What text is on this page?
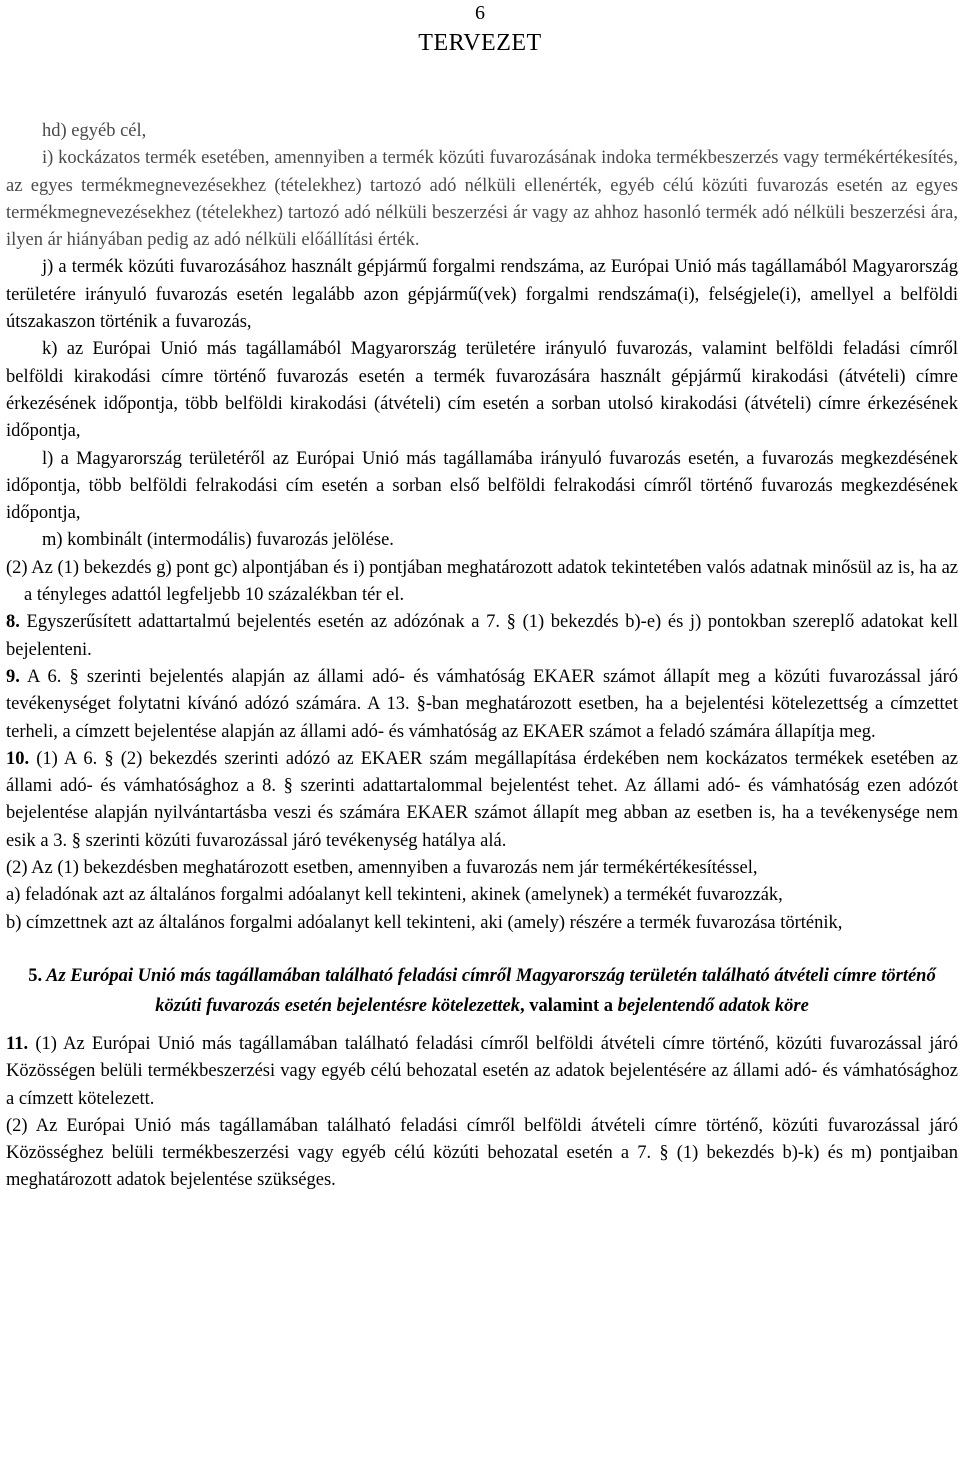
6
TERVEZET

hd) egyéb cél,

i) kockázatos termék esetében, amennyiben a termék közúti fuvarozásának indoka termékbeszerzés vagy termékértékesítés, az egyes termékmegnevezésekhez (tételekhez) tartozó adó nélküli ellenérték, egyéb célú közúti fuvarozás esetén az egyes termékmegnevezésekhez (tételekhez) tartozó adó nélküli beszerzési ár vagy az ahhoz hasonló termék adó nélküli beszerzési ára, ilyen ár hiányában pedig az adó nélküli előállítási érték.

j) a termék közúti fuvarozásához használt gépjármű forgalmi rendszáma, az Európai Unió más tagállamából Magyarország területére irányuló fuvarozás esetén legalább azon gépjármű(vek) forgalmi rendszáma(i), felségjele(i), amellyel a belföldi útszakaszon történik a fuvarozás,

k) az Európai Unió más tagállamából Magyarország területére irányuló fuvarozás, valamint belföldi feladási címről belföldi kirakodási címre történő fuvarozás esetén a termék fuvarozására használt gépjármű kirakodási (átvételi) címre érkezésének időpontja, több belföldi kirakodási (átvételi) cím esetén a sorban utolsó kirakodási (átvételi) címre érkezésének időpontja,

l) a Magyarország területéről az Európai Unió más tagállamába irányuló fuvarozás esetén, a fuvarozás megkezdésének időpontja, több belföldi felrakodási cím esetén a sorban első belföldi felrakodási címről történő fuvarozás megkezdésének időpontja,

m) kombinált (intermodális) fuvarozás jelölése.

(2) Az (1) bekezdés g) pont gc) alpontjában és i) pontjában meghatározott adatok tekintetében valós adatnak minősül az is, ha az a tényleges adattól legfeljebb 10 százalékban tér el.

8. Egyszerűsített adattartalmú bejelentés esetén az adózónak a 7. § (1) bekezdés b)-e) és j) pontokban szereplő adatokat kell bejelenteni.

9. A 6. § szerinti bejelentés alapján az állami adó- és vámhatóság EKAER számot állapít meg a közúti fuvarozással járó tevékenységet folytatni kívánó adózó számára. A 13. §-ban meghatározott esetben, ha a bejelentési kötelezettség a címzettet terheli, a címzett bejelentése alapján az állami adó- és vámhatóság az EKAER számot a feladó számára állapítja meg.

10. (1) A 6. § (2) bekezdés szerinti adózó az EKAER szám megállapítása érdekében nem kockázatos termékek esetében az állami adó- és vámhatósághoz a 8. § szerinti adattartalommal bejelentést tehet. Az állami adó- és vámhatóság ezen adózót bejelentése alapján nyilvántartásba veszi és számára EKAER számot állapít meg abban az esetben is, ha a tevékenysége nem esik a 3. § szerinti közúti fuvarozással járó tevékenység hatálya alá.

(2) Az (1) bekezdésben meghatározott esetben, amennyiben a fuvarozás nem jár termékértékesítéssel,

a) feladónak azt az általános forgalmi adóalanyt kell tekinteni, akinek (amelynek) a termékét fuvarozzák,

b) címzettnek azt az általános forgalmi adóalanyt kell tekinteni, aki (amely) részére a termék fuvarozása történik,

5. Az Európai Unió más tagállamában található feladási címről Magyarország területén található átvételi címre történő közúti fuvarozás esetén bejelentésre kötelezettek, valamint a bejelentendő adatok köre

11. (1) Az Európai Unió más tagállamában található feladási címről belföldi átvételi címre történő, közúti fuvarozással járó Közösségen belüli termékbeszerzési vagy egyéb célú behozatal esetén az adatok bejelentésére az állami adó- és vámhatósághoz a címzett kötelezett.

(2) Az Európai Unió más tagállamában található feladási címről belföldi átvételi címre történő, közúti fuvarozással járó Közösséghez belüli termékbeszerzési vagy egyéb célú közúti behozatal esetén a 7. § (1) bekezdés b)-k) és m) pontjaiban meghatározott adatok bejelentése szükséges.
